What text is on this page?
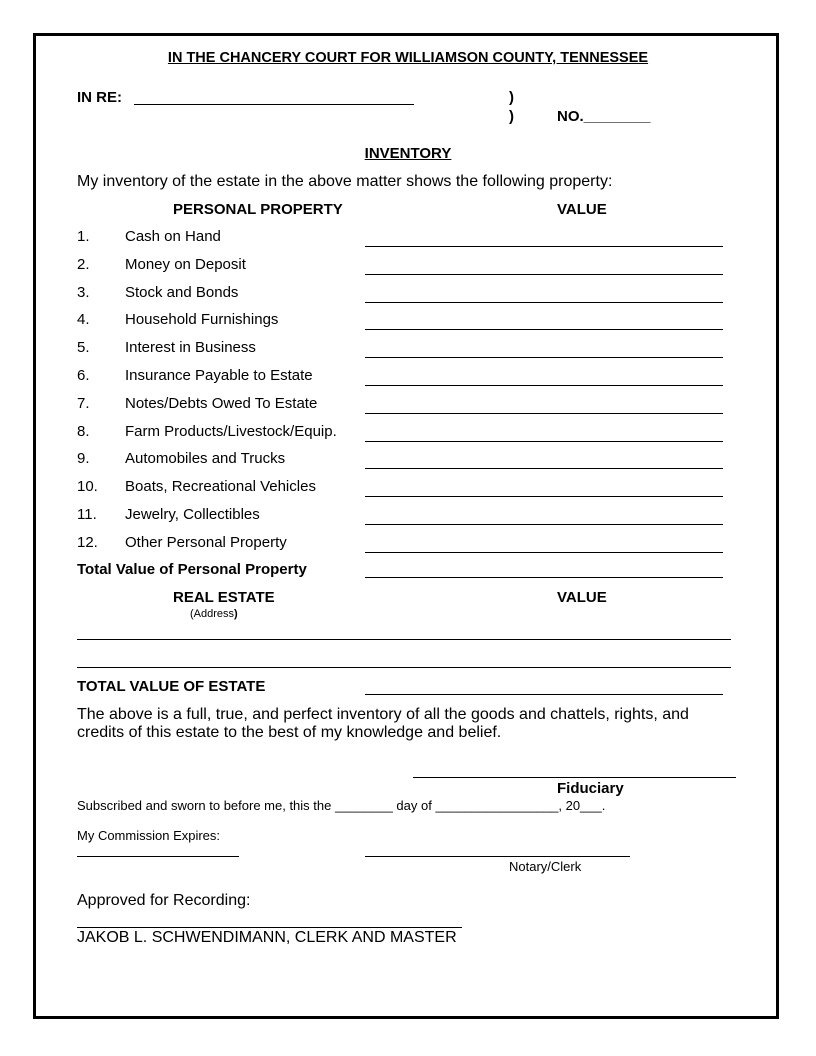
IN THE CHANCERY COURT FOR WILLIAMSON COUNTY, TENNESSEE
IN RE:	)
)	NO.________
INVENTORY
My inventory of the estate in the above matter shows the following property:
PERSONAL PROPERTY	VALUE
1. Cash on Hand
2. Money on Deposit
3. Stock and Bonds
4. Household Furnishings
5. Interest in Business
6. Insurance Payable to Estate
7. Notes/Debts Owed To Estate
8. Farm Products/Livestock/Equip.
9. Automobiles and Trucks
10. Boats, Recreational Vehicles
11. Jewelry, Collectibles
12. Other Personal Property
Total Value of Personal Property
REAL ESTATE	VALUE
(Address)
TOTAL VALUE OF ESTATE
The above is a full, true, and perfect inventory of all the goods and chattels, rights, and credits of this estate to the best of my knowledge and belief.
Fiduciary
Subscribed and sworn to before me, this the ________ day of _________________, 20___.
My Commission Expires:
Notary/Clerk
Approved for Recording:
JAKOB L. SCHWENDIMANN, CLERK AND MASTER
